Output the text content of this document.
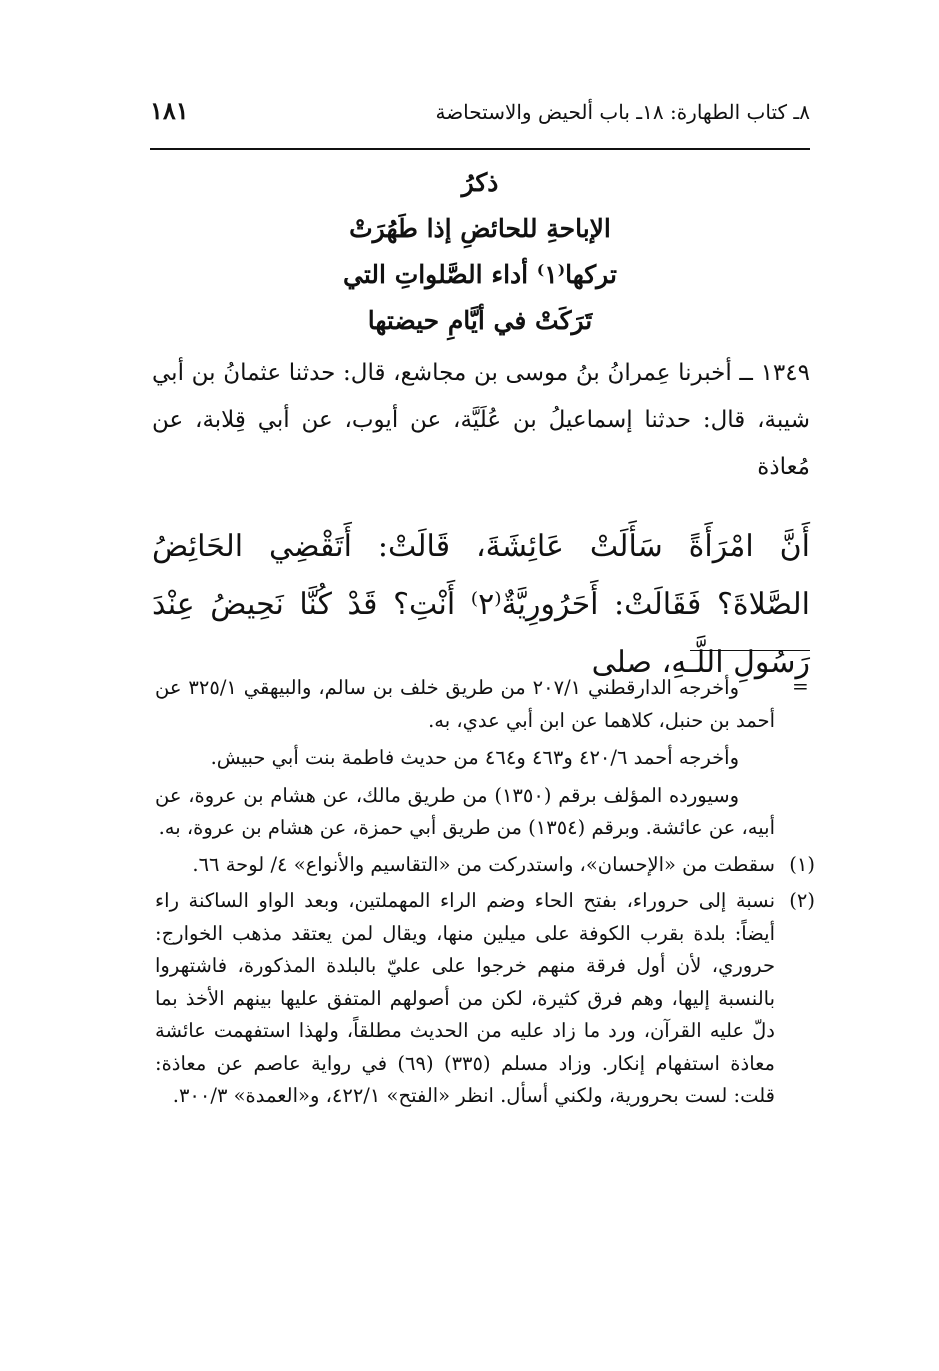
٨ـ كتاب الطهارة: ١٨ـ باب ألحيض والاستحاضة
١٨١
ذكرُ
الإباحةِ للحائضِ إذا طَهُرَتْ
تركها⁽١⁾ أداء الصَّلواتِ التي
تَرَكَتْ في أيَّامِ حيضتها
١٣٤٩ ــ أخبرنا عِمرانُ بنُ موسى بن مجاشع، قال: حدثنا عثمانُ بن أبي شيبة، قال: حدثنا إسماعيلُ بن عُلَيَّة، عن أيوب، عن أبي قِلابة، عن مُعاذة
أَنَّ امْرَأَةً سَأَلَتْ عَائِشَةَ، قَالَتْ: أَتَقْضِي الحَائِضُ الصَّلاةَ؟ فَقَالَتْ: أَحَرُورِيَّةٌ⁽٢⁾ أَنْتِ؟ قَدْ كُنَّا نَحِيضُ عِنْدَ رَسُولِ اللَّـهِ، صلى
=

وأخرجه الدارقطني ٢٠٧/١ من طريق خلف بن سالم، والبيهقي ٣٢٥/١ عن أحمد بن حنبل، كلاهما عن ابن أبي عدي، به.

وأخرجه أحمد ٤٢٠/٦ و٤٦٣ و٤٦٤ من حديث فاطمة بنت أبي حبيش.

وسيورده المؤلف برقم (١٣٥٠) من طريق مالك، عن هشام بن عروة، عن أبيه، عن عائشة. وبرقم (١٣٥٤) من طريق أبي حمزة، عن هشام بن عروة، به.

(١)
سقطت من «الإحسان»، واستدركت من «التقاسيم والأنواع» ٤/ لوحة ٦٦.
(٢)
نسبة إلى حروراء، بفتح الحاء وضم الراء المهملتين، وبعد الواو الساكنة راء أيضاً: بلدة بقرب الكوفة على ميلين منها، ويقال لمن يعتقد مذهب الخوارج: حروري، لأن أول فرقة منهم خرجوا على عليّ بالبلدة المذكورة، فاشتهروا بالنسبة إليها، وهم فرق كثيرة، لكن من أصولهم المتفق عليها بينهم الأخذ بما دلّ عليه القرآن، ورد ما زاد عليه من الحديث مطلقاً، ولهذا استفهمت عائشة معاذة استفهام إنكار. وزاد مسلم (٣٣٥) (٦٩) في رواية عاصم عن معاذة: قلت: لست بحرورية، ولكني أسأل. انظر «الفتح» ٤٢٢/١، و«العمدة» ٣٠٠/٣.
